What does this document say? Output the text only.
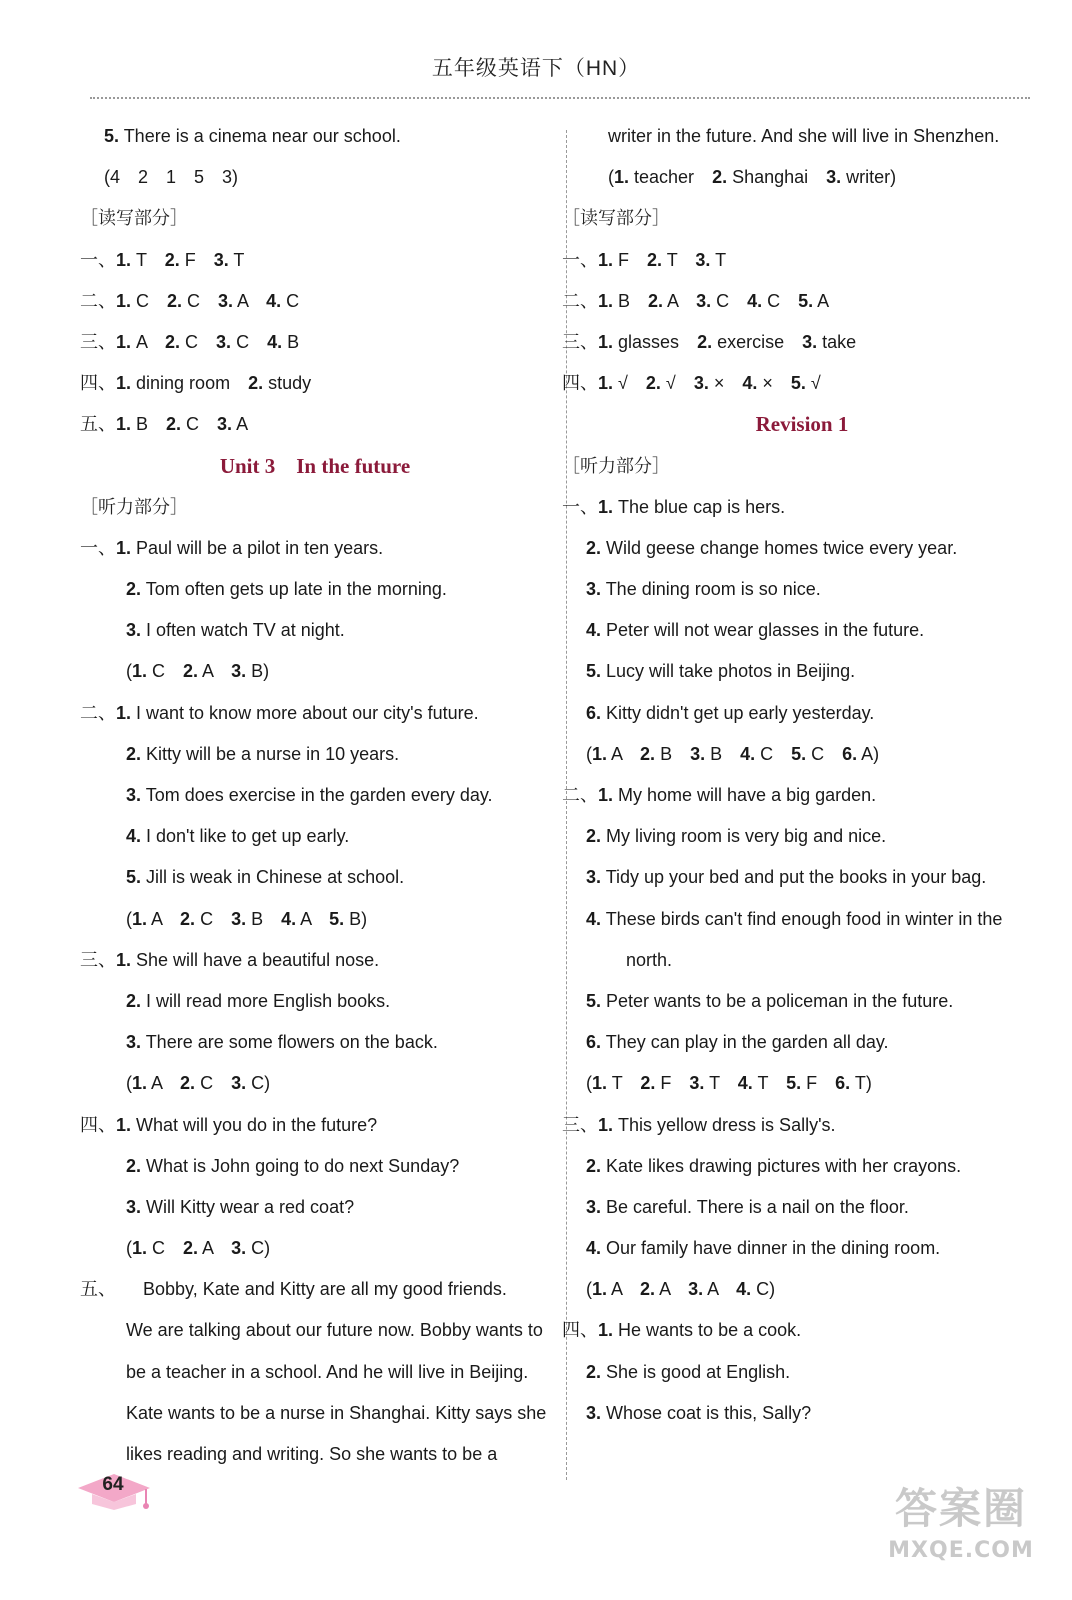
五年级英语下（HN）
5. There is a cinema near our school.
(4　2　1　5　3)
［读写部分］
一、1. T　2. F　3. T
二、1. C　2. C　3. A　4. C
三、1. A　2. C　3. C　4. B
四、1. dining room　2. study
五、1. B　2. C　3. A
Unit 3　In the future
［听力部分］
一、1. Paul will be a pilot in ten years.
2. Tom often gets up late in the morning.
3. I often watch TV at night.
(1. C　2. A　3. B)
二、1. I want to know more about our city's future.
2. Kitty will be a nurse in 10 years.
3. Tom does exercise in the garden every day.
4. I don't like to get up early.
5. Jill is weak in Chinese at school.
(1. A　2. C　3. B　4. A　5. B)
三、1. She will have a beautiful nose.
2. I will read more English books.
3. There are some flowers on the back.
(1. A　2. C　3. C)
四、1. What will you do in the future?
2. What is John going to do next Sunday?
3. Will Kitty wear a red coat?
(1. C　2. A　3. C)
五、　　Bobby, Kate and Kitty are all my good friends.
We are talking about our future now. Bobby wants to
be a teacher in a school. And he will live in Beijing.
Kate wants to be a nurse in Shanghai. Kitty says she
likes reading and writing. So she wants to be a
writer in the future. And she will live in Shenzhen.
(1. teacher　2. Shanghai　3. writer)
［读写部分］
一、1. F　2. T　3. T
二、1. B　2. A　3. C　4. C　5. A
三、1. glasses　2. exercise　3. take
四、1. √　2. √　3. ×　4. ×　5. √
Revision 1
［听力部分］
一、1. The blue cap is hers.
2. Wild geese change homes twice every year.
3. The dining room is so nice.
4. Peter will not wear glasses in the future.
5. Lucy will take photos in Beijing.
6. Kitty didn't get up early yesterday.
(1. A　2. B　3. B　4. C　5. C　6. A)
二、1. My home will have a big garden.
2. My living room is very big and nice.
3. Tidy up your bed and put the books in your bag.
4. These birds can't find enough food in winter in the
　north.
5. Peter wants to be a policeman in the future.
6. They can play in the garden all day.
(1. T　2. F　3. T　4. T　5. F　6. T)
三、1. This yellow dress is Sally's.
2. Kate likes drawing pictures with her crayons.
3. Be careful. There is a nail on the floor.
4. Our family have dinner in the dining room.
(1. A　2. A　3. A　4. C)
四、1. He wants to be a cook.
2. She is good at English.
3. Whose coat is this, Sally?
64	答案圈
MXQE.COM
